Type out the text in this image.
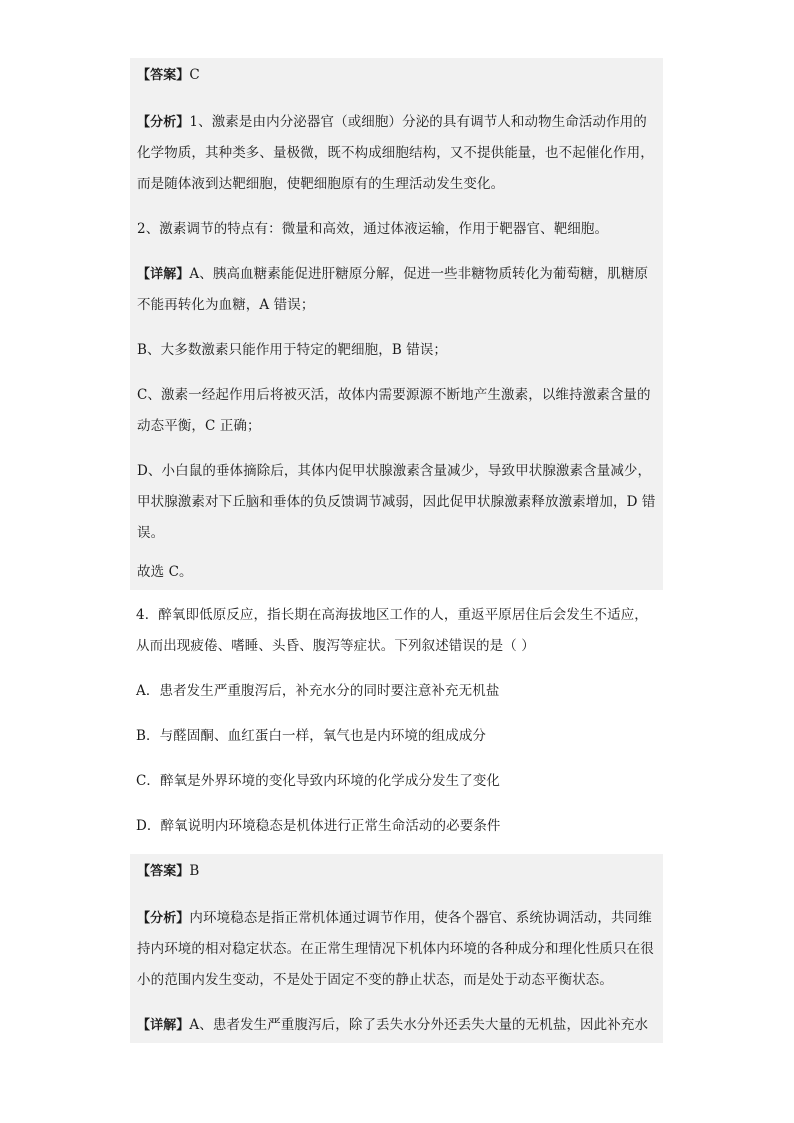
【答案】C

【分析】1、激素是由内分泌器官（或细胞）分泌的具有调节人和动物生命活动作用的

化学物质，其种类多、量极微，既不构成细胞结构，又不提供能量，也不起催化作用，

而是随体液到达靶细胞，使靶细胞原有的生理活动发生变化。

2、激素调节的特点有：微量和高效，通过体液运输，作用于靶器官、靶细胞。

【详解】A、胰高血糖素能促进肝糖原分解，促进一些非糖物质转化为葡萄糖，肌糖原

不能再转化为血糖，A 错误；

B、大多数激素只能作用于特定的靶细胞，B 错误；

C、激素一经起作用后将被灭活，故体内需要源源不断地产生激素，以维持激素含量的

动态平衡，C 正确；

D、小白鼠的垂体摘除后，其体内促甲状腺激素含量减少，导致甲状腺激素含量减少，

甲状腺激素对下丘脑和垂体的负反馈调节减弱，因此促甲状腺激素释放激素增加，D 错

误。

故选 C。

4．醉氧即低原反应，指长期在高海拔地区工作的人，重返平原居住后会发生不适应，

从而出现疲倦、嗜睡、头昏、腹泻等症状。下列叙述错误的是（ ）

A．患者发生严重腹泻后，补充水分的同时要注意补充无机盐

B．与醛固酮、血红蛋白一样，氧气也是内环境的组成成分

C．醉氧是外界环境的变化导致内环境的化学成分发生了变化

D．醉氧说明内环境稳态是机体进行正常生命活动的必要条件

【答案】B

【分析】内环境稳态是指正常机体通过调节作用，使各个器官、系统协调活动，共同维

持内环境的相对稳定状态。在正常生理情况下机体内环境的各种成分和理化性质只在很

小的范围内发生变动，不是处于固定不变的静止状态，而是处于动态平衡状态。

【详解】A、患者发生严重腹泻后，除了丢失水分外还丢失大量的无机盐，因此补充水
